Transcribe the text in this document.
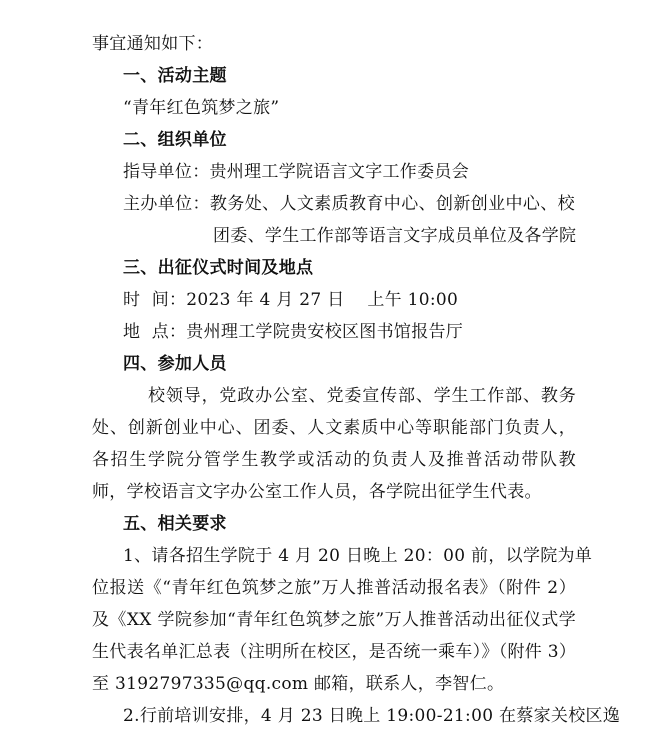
事宜通知如下：
一、活动主题
“青年红色筑梦之旅”
二、组织单位
指导单位：贵州理工学院语言文字工作委员会
主办单位：教务处、人文素质教育中心、创新创业中心、校
团委、学生工作部等语言文字成员单位及各学院
三、出征仪式时间及地点
时  间：2023 年 4 月 27 日    上午 10:00
地  点：贵州理工学院贵安校区图书馆报告厅
四、参加人员
校领导，党政办公室、党委宣传部、学生工作部、教务
处、创新创业中心、团委、人文素质中心等职能部门负责人，
各招生学院分管学生教学或活动的负责人及推普活动带队教
师，学校语言文字办公室工作人员，各学院出征学生代表。
五、相关要求
1、请各招生学院于 4 月 20 日晚上 20：00 前，以学院为单
位报送《“青年红色筑梦之旅”万人推普活动报名表》（附件 2）
及《XX 学院参加“青年红色筑梦之旅”万人推普活动出征仪式学
生代表名单汇总表（注明所在校区，是否统一乘车）》（附件 3）
至 3192797335@qq.com 邮箱，联系人，李智仁。
2.行前培训安排，4 月 23 日晚上 19:00-21:00 在蔡家关校区逸
